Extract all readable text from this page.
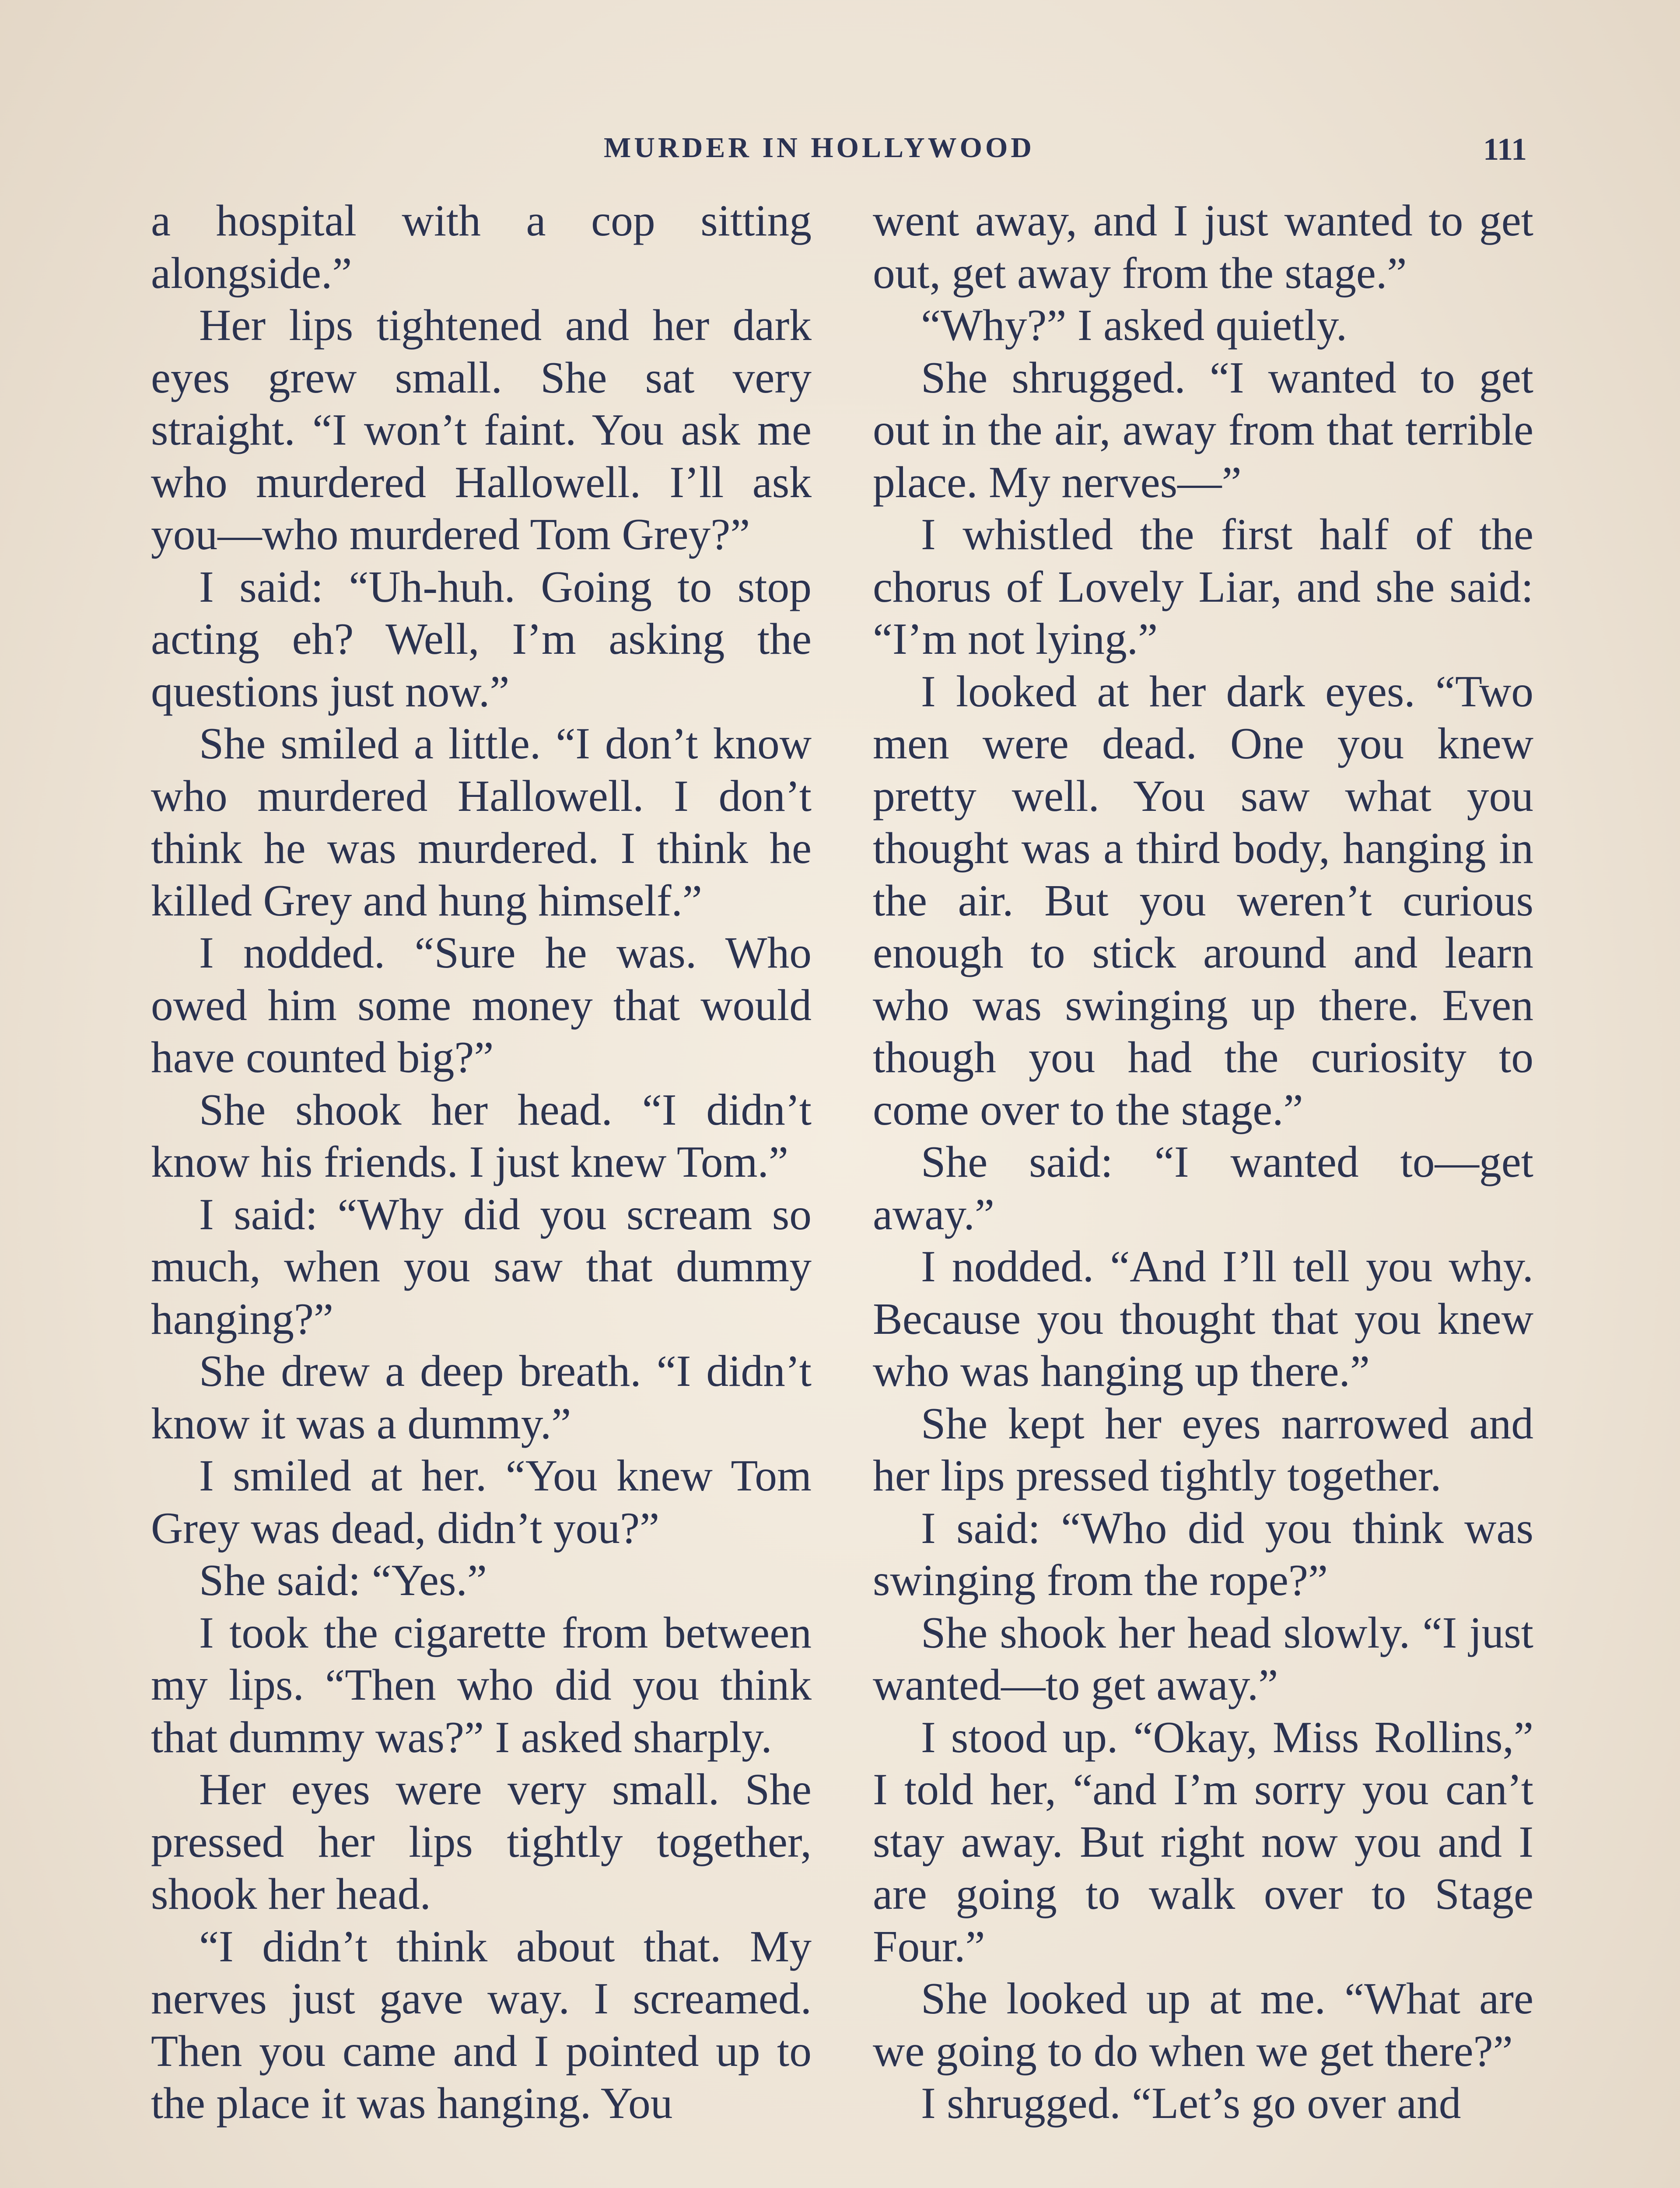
MURDER IN HOLLYWOOD	111

a hospital with a cop sitting alongside.”

Her lips tightened and her dark eyes grew small. She sat very straight. “I won’t faint. You ask me who murdered Hallowell. I’ll ask you—who murdered Tom Grey?”

I said: “Uh-huh. Going to stop acting eh? Well, I’m asking the questions just now.”

She smiled a little. “I don’t know who murdered Hallowell. I don’t think he was murdered. I think he killed Grey and hung himself.”

I nodded. “Sure he was. Who owed him some money that would have counted big?”

She shook her head. “I didn’t know his friends. I just knew Tom.”

I said: “Why did you scream so much, when you saw that dummy hanging?”

She drew a deep breath. “I didn’t know it was a dummy.”

I smiled at her. “You knew Tom Grey was dead, didn’t you?”

She said: “Yes.”

I took the cigarette from between my lips. “Then who did you think that dummy was?” I asked sharply.

Her eyes were very small. She pressed her lips tightly together, shook her head.

“I didn’t think about that. My nerves just gave way. I screamed. Then you came and I pointed up to the place it was hanging. You

went away, and I just wanted to get out, get away from the stage.”

“Why?” I asked quietly.

She shrugged. “I wanted to get out in the air, away from that terrible place. My nerves—”

I whistled the first half of the chorus of Lovely Liar, and she said: “I’m not lying.”

I looked at her dark eyes. “Two men were dead. One you knew pretty well. You saw what you thought was a third body, hanging in the air. But you weren’t curious enough to stick around and learn who was swinging up there. Even though you had the curiosity to come over to the stage.”

She said: “I wanted to—get away.”

I nodded. “And I’ll tell you why. Because you thought that you knew who was hanging up there.”

She kept her eyes narrowed and her lips pressed tightly together.

I said: “Who did you think was swinging from the rope?”

She shook her head slowly. “I just wanted—to get away.”

I stood up. “Okay, Miss Rollins,” I told her, “and I’m sorry you can’t stay away. But right now you and I are going to walk over to Stage Four.”

She looked up at me. “What are we going to do when we get there?”

I shrugged. “Let’s go over and
